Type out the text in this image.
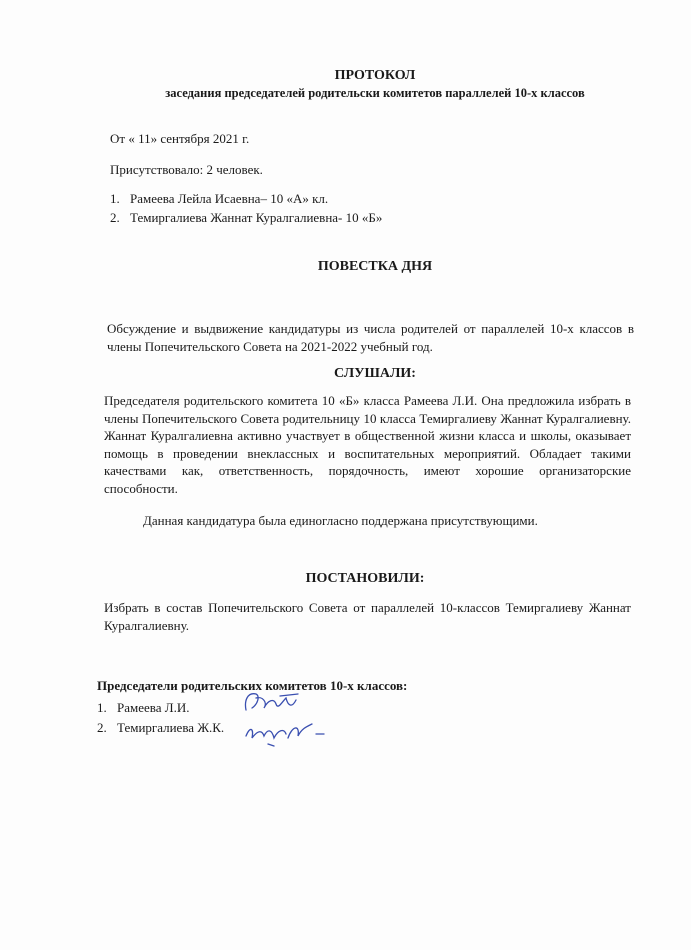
ПРОТОКОЛ

заседания председателей родительски комитетов параллелей 10-х классов

От « 11» сентября 2021 г.

Присутствовало: 2 человек.

1. Рамеева Лейла Исаевна– 10 «А» кл.

2. Темиргалиева Жаннат Куралгалиевна- 10 «Б»

ПОВЕСТКА ДНЯ

Обсуждение и выдвижение кандидатуры из числа родителей от параллелей 10-х классов в члены Попечительского Совета на 2021-2022 учебный год.

СЛУШАЛИ:

Председателя родительского комитета 10 «Б» класса Рамеева Л.И. Она предложила избрать в члены Попечительского Совета родительницу 10 класса Темиргалиеву Жаннат Куралгалиевну. Жаннат Куралгалиевна активно участвует в общественной жизни класса и школы, оказывает помощь в проведении внеклассных и воспитательных мероприятий. Обладает такими качествами как, ответственность, порядочность, имеют хорошие организаторские способности.

Данная кандидатура была единогласно поддержана присутствующими.

ПОСТАНОВИЛИ:

Избрать в состав Попечительского Совета от параллелей 10-классов Темиргалиеву Жаннат Куралгалиевну.

Председатели родительских комитетов 10-х классов:

1. Рамеева Л.И.

2. Темиргалиева Ж.К.
